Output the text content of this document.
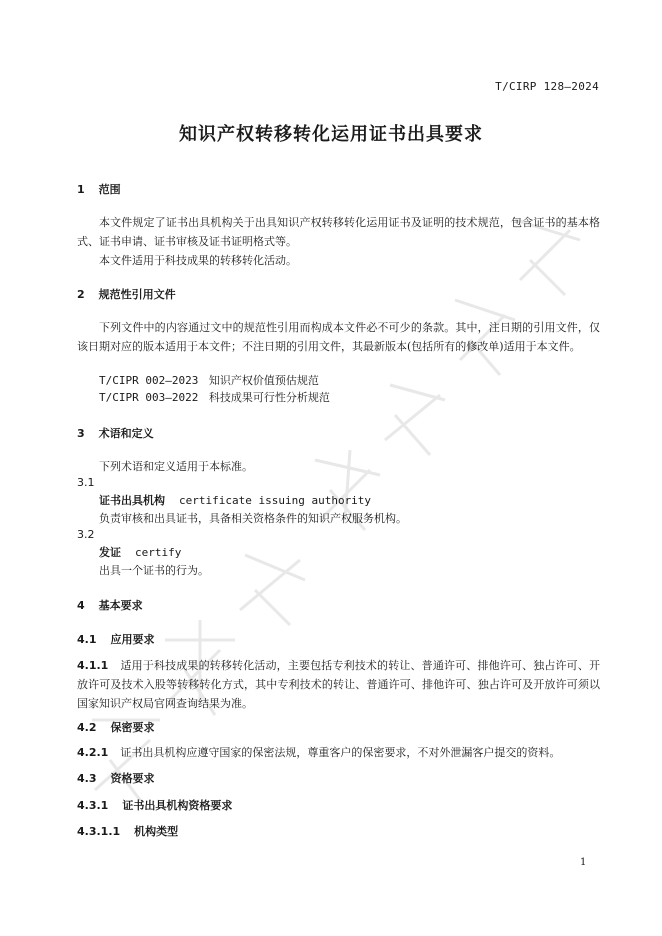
T/CIRP 128—2024
知识产权转移转化运用证书出具要求
1 范围
本文件规定了证书出具机构关于出具知识产权转移转化运用证书及证明的技术规范，包含证书的基本格式、证书申请、证书审核及证书证明格式等。
本文件适用于科技成果的转移转化活动。
2 规范性引用文件
下列文件中的内容通过文中的规范性引用而构成本文件必不可少的条款。其中，注日期的引用文件，仅该日期对应的版本适用于本文件；不注日期的引用文件，其最新版本(包括所有的修改单)适用于本文件。
T/CIPR 002—2023 知识产权价值预估规范
T/CIPR 003—2022 科技成果可行性分析规范
3 术语和定义
下列术语和定义适用于本标准。
3.1
证书出具机构 certificate issuing authority
负责审核和出具证书，具备相关资格条件的知识产权服务机构。
3.2
发证 certify
出具一个证书的行为。
4 基本要求
4.1 应用要求
4.1.1 适用于科技成果的转移转化活动，主要包括专利技术的转让、普通许可、排他许可、独占许可、开放许可及技术入股等转移转化方式，其中专利技术的转让、普通许可、排他许可、独占许可及开放许可须以国家知识产权局官网查询结果为准。
4.2 保密要求
4.2.1 证书出具机构应遵守国家的保密法规，尊重客户的保密要求，不对外泄漏客户提交的资料。
4.3 资格要求
4.3.1 证书出具机构资格要求
4.3.1.1 机构类型
1
